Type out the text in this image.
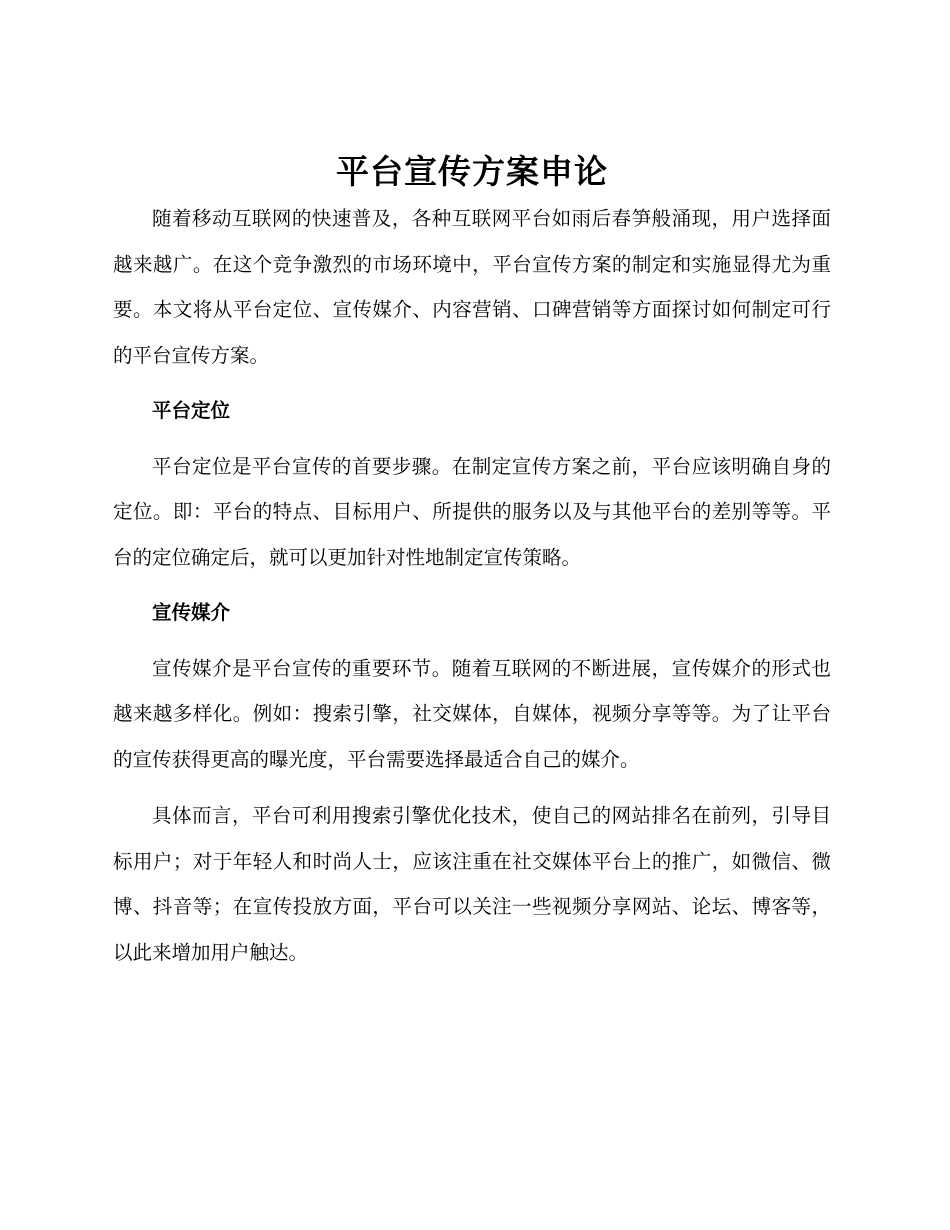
平台宣传方案申论

随着移动互联网的快速普及，各种互联网平台如雨后春笋般涌现，用户选择面越来越广。在这个竞争激烈的市场环境中，平台宣传方案的制定和实施显得尤为重要。本文将从平台定位、宣传媒介、内容营销、口碑营销等方面探讨如何制定可行的平台宣传方案。

平台定位

平台定位是平台宣传的首要步骤。在制定宣传方案之前，平台应该明确自身的定位。即：平台的特点、目标用户、所提供的服务以及与其他平台的差别等等。平台的定位确定后，就可以更加针对性地制定宣传策略。

宣传媒介

宣传媒介是平台宣传的重要环节。随着互联网的不断进展，宣传媒介的形式也越来越多样化。例如：搜索引擎，社交媒体，自媒体，视频分享等等。为了让平台的宣传获得更高的曝光度，平台需要选择最适合自己的媒介。

具体而言，平台可利用搜索引擎优化技术，使自己的网站排名在前列，引导目标用户；对于年轻人和时尚人士，应该注重在社交媒体平台上的推广，如微信、微博、抖音等；在宣传投放方面，平台可以关注一些视频分享网站、论坛、博客等，以此来增加用户触达。
